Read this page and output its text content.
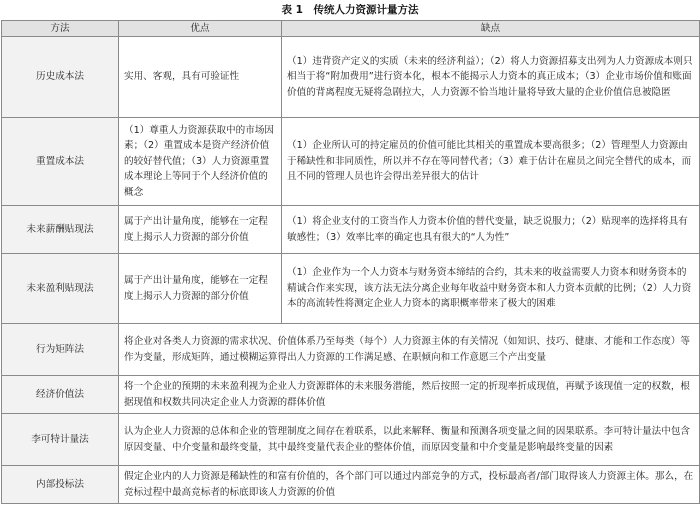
表 1　传统人力资源计量方法
方法	优点	缺点
历史成本法	实用、客观，具有可验证性	（1）违背资产定义的实质（未来的经济利益）；（2）将人力资源招募支出列为人力资源成本则只相当于将“附加费用”进行资本化，根本不能揭示人力资本的真正成本；（3）企业市场价值和账面价值的背离程度无疑将急剧拉大，人力资源不恰当地计量将导致大量的企业价值信息被隐匿
重置成本法	（1）尊重人力资源获取中的市场因素；（2）重置成本是资产经济价值的较好替代值；（3）人力资源重置成本理论上等同于个人经济价值的概念	（1）企业所认可的持定雇员的价值可能比其相关的重置成本要高很多；（2）管理型人力资源由于稀缺性和非同质性，所以并不存在等同替代者；（3）难于估计在雇员之间完全替代的成本，而且不同的管理人员也许会得出差异很大的估计
未来薪酬贴现法	属于产出计量角度，能够在一定程度上揭示人力资源的部分价值	（1）将企业支付的工资当作人力资本价值的替代变量，缺乏说服力；（2）贴现率的选择将具有敏感性；（3）效率比率的确定也具有很大的“人为性”
未来盈利贴现法	属于产出计量角度，能够在一定程度上揭示人力资源的部分价值	（1）企业作为一个人力资本与财务资本缔结的合约，其未来的收益需要人力资本和财务资本的精诚合作来实现，该方法无法分离企业每年收益中财务资本和人力资本贡献的比例；（2）人力资本的高流转性将测定企业人力资本的离职概率带来了极大的困难
行为矩阵法	将企业对各类人力资源的需求状况、价值体系乃至每类（每个）人力资源主体的有关情况（如知识、技巧、健康、才能和工作态度）等作为变量，形成矩阵，通过模糊运算得出人力资源的工作满足感、在职倾向和工作意愿三个产出变量	
经济价值法	将一个企业的预期的未来盈利视为企业人力资源群体的未来服务潜能，然后按照一定的折现率折成现值，再赋予该现值一定的权数，根据现值和权数共同决定企业人力资源的群体价值	
李可特计量法	认为企业人力资源的总体和企业的管理制度之间存在着联系，以此来解释、衡量和预测各项变量之间的因果联系。李可特计量法中包含原因变量、中介变量和最终变量，其中最终变量代表企业的整体价值，而原因变量和中介变量是影响最终变量的因素	
内部投标法	假定企业内的人力资源是稀缺性的和富有价值的，各个部门可以通过内部竞争的方式，投标最高者/部门取得该人力资源主体。那么，在竞标过程中最高竞标者的标底即该人力资源的价值	
